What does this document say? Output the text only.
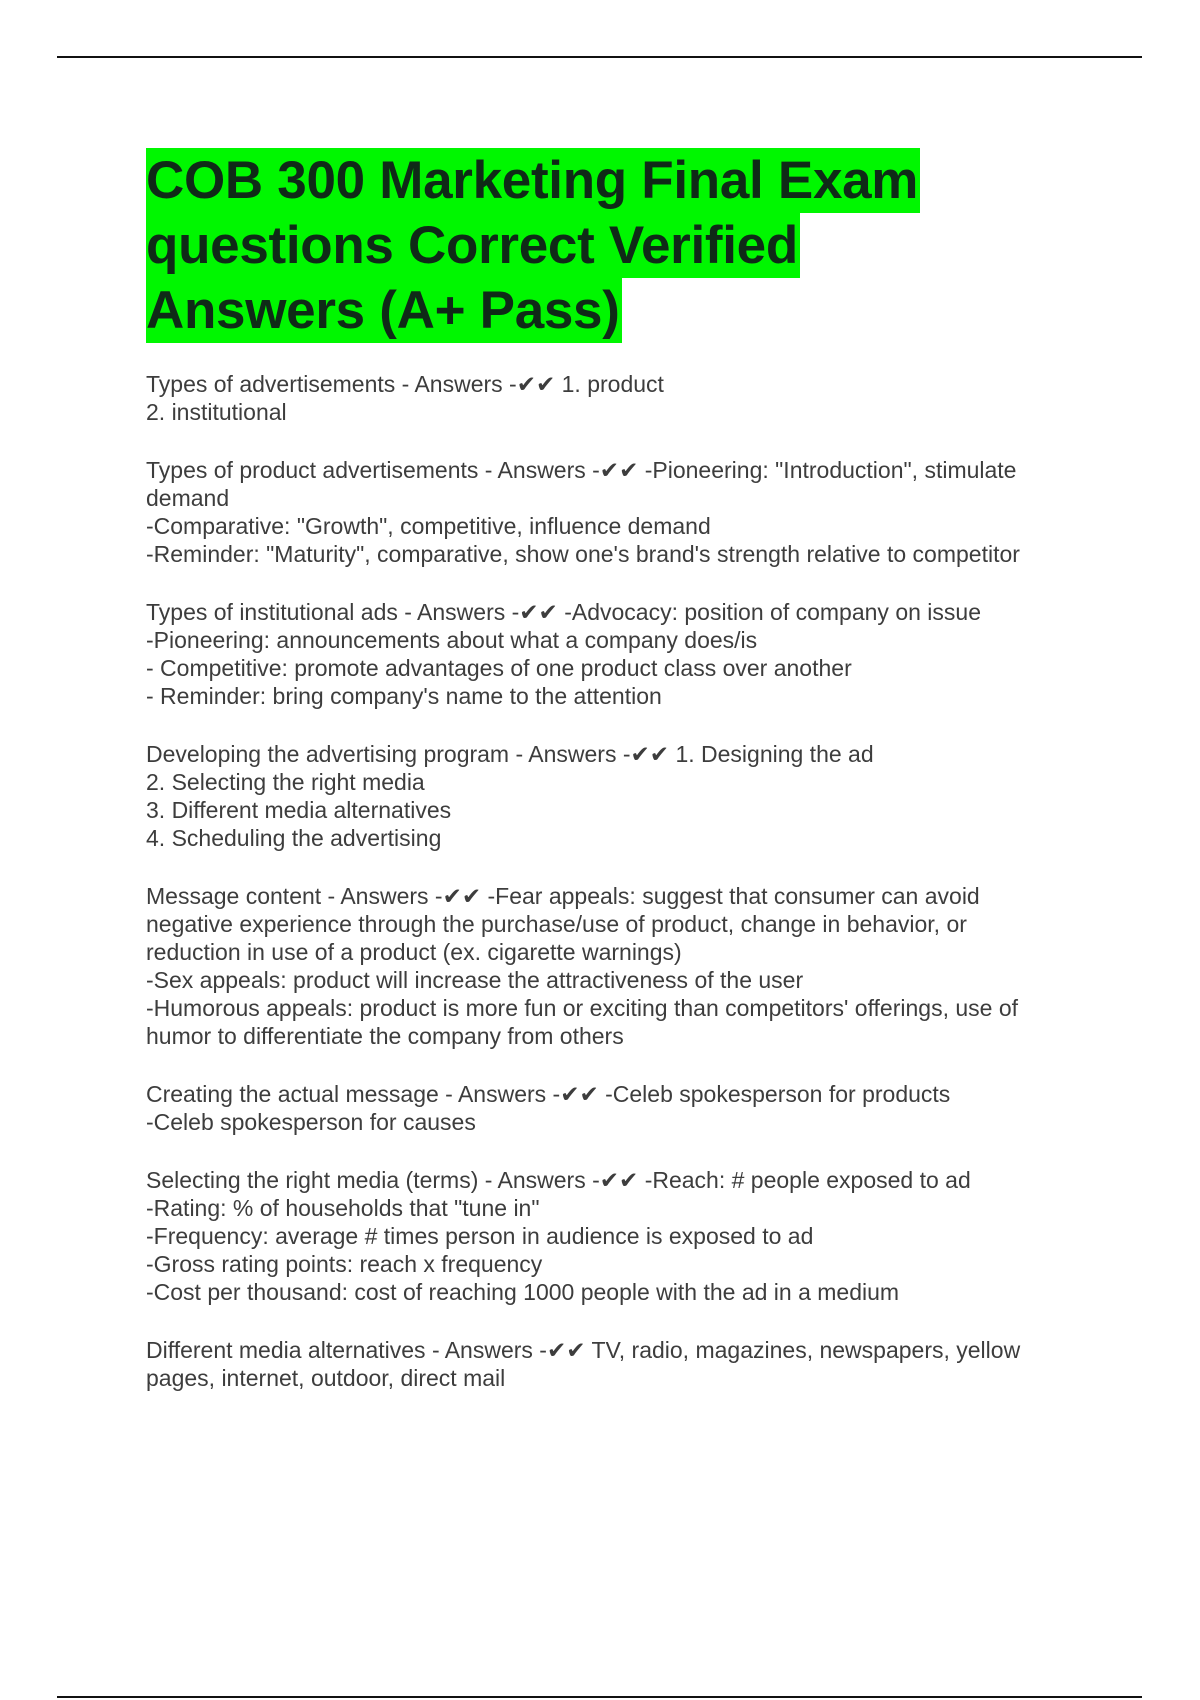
COB 300 Marketing Final Exam
questions Correct Verified
Answers (A+ Pass)
Types of advertisements - Answers -✔✔ 1. product
2. institutional
Types of product advertisements - Answers -✔✔ -Pioneering: "Introduction", stimulate
demand
-Comparative: "Growth", competitive, influence demand
-Reminder: "Maturity", comparative, show one's brand's strength relative to competitor
Types of institutional ads - Answers -✔✔ -Advocacy: position of company on issue
-Pioneering: announcements about what a company does/is
- Competitive: promote advantages of one product class over another
- Reminder: bring company's name to the attention
Developing the advertising program - Answers -✔✔ 1. Designing the ad
2. Selecting the right media
3. Different media alternatives
4. Scheduling the advertising
Message content - Answers -✔✔ -Fear appeals: suggest that consumer can avoid
negative experience through the purchase/use of product, change in behavior, or
reduction in use of a product (ex. cigarette warnings)
-Sex appeals: product will increase the attractiveness of the user
-Humorous appeals: product is more fun or exciting than competitors' offerings, use of
humor to differentiate the company from others
Creating the actual message - Answers -✔✔ -Celeb spokesperson for products
-Celeb spokesperson for causes
Selecting the right media (terms) - Answers -✔✔ -Reach: # people exposed to ad
-Rating: % of households that "tune in"
-Frequency: average # times person in audience is exposed to ad
-Gross rating points: reach x frequency
-Cost per thousand: cost of reaching 1000 people with the ad in a medium
Different media alternatives - Answers -✔✔ TV, radio, magazines, newspapers, yellow
pages, internet, outdoor, direct mail
